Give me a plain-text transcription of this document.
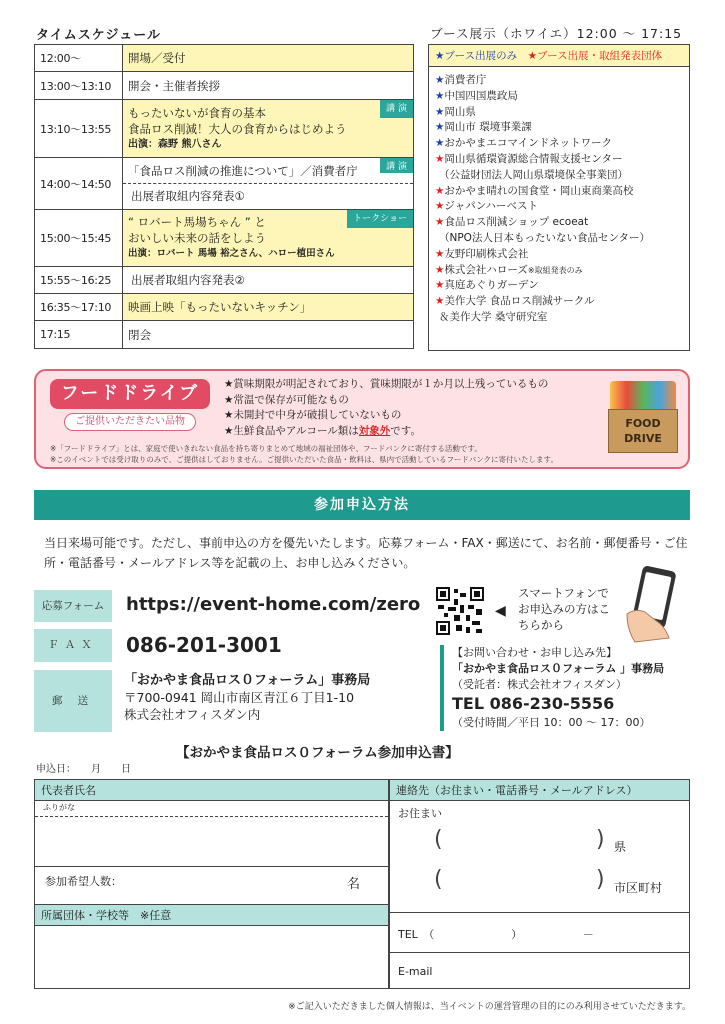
タイムスケジュール	ブース展示（ホワイエ）12:00 ～ 17:15
12:00～	開場／受付
13:00～13:10	開会・主催者挨拶
13:10～13:55	講 演
もったいないが食育の基本
食品ロス削減！大人の食育からはじめよう
出演：森野 熊八さん

14:00～14:50	講 演
「食品ロス削減の推進について」／消費者庁
出展者取組内容発表①

15:00～15:45	トークショー
“ ロバート馬場ちゃん ” と
おいしい未来の話をしよう
出演：ロバート 馬場 裕之さん、ハロー植田さん

15:55～16:25	出展者取組内容発表②
16:35～17:10	映画上映「もったいないキッチン」
17:15	閉会
★ブース出展のみ　 ★ブース出展・取組発表団体
★消費者庁
★中国四国農政局
★岡山県
★岡山市 環境事業課
★おかやまエコマインドネットワーク
★岡山県循環資源総合情報支援センター
（公益財団法人岡山県環境保全事業団）
★おかやま晴れの国食堂・岡山東商業高校
★ジャパンハーベスト
★食品ロス削減ショップ ecoeat
（NPO法人日本もったいない食品センター）
★友野印刷株式会社
★株式会社ハローズ※取組発表のみ
★真庭あぐりガーデン
★美作大学 食品ロス削減サークル
＆美作大学 桑守研究室
フードドライブ
ご提供いただきたい品物
★賞味期限が明記されており、賞味期限が１か月以上残っているもの
★常温で保存が可能なもの
★未開封で中身が破損していないもの
★生鮮食品やアルコール類は対象外です。
※「フードドライブ」とは、家庭で使いきれない食品を持ち寄りまとめて地域の福祉団体や、フードバンクに寄付する活動です。
※このイベントでは受け取りのみで、ご提供はしておりません。ご提供いただいた食品・飲料は、県内で活動しているフードバンクに寄付いたします。
FOOD DRIVE
参加申込方法
当日来場可能です。ただし、事前申込の方を優先いたします。応募フォーム・FAX・郵送にて、お名前・郵便番号・ご住所・電話番号・メールアドレス等を記載の上、お申し込みください。
応募フォーム	https://event-home.com/zero
ＦＡＸ	086-201-3001
郵 送
「おかやま食品ロス０フォーラム」事務局
〒700-0941 岡山市南区青江６丁目1-10
株式会社オフィスダン内
◀
スマートフォンでお申込みの方はこちらから
【お問い合わせ・お申し込み先】
「おかやま食品ロス０フォーラム 」事務局
（受託者：株式会社オフィスダン）
TEL 086-230-5556
（受付時間／平日 10：00 ～ 17：00）
申込日：　　月　　日
【おかやま食品ロス０フォーラム参加申込書】
代表者氏名
ふりがな
参加希望人数：	名
所属団体・学校等　※任意
連絡先（お住まい・電話番号・メールアドレス）
お住まい
(	) 県
(	) 市区町村
TEL　（　　　　　　　）　　　　　　－
E-mail
※ご記入いただきました個人情報は、当イベントの運営管理の目的にのみ利用させていただきます。
